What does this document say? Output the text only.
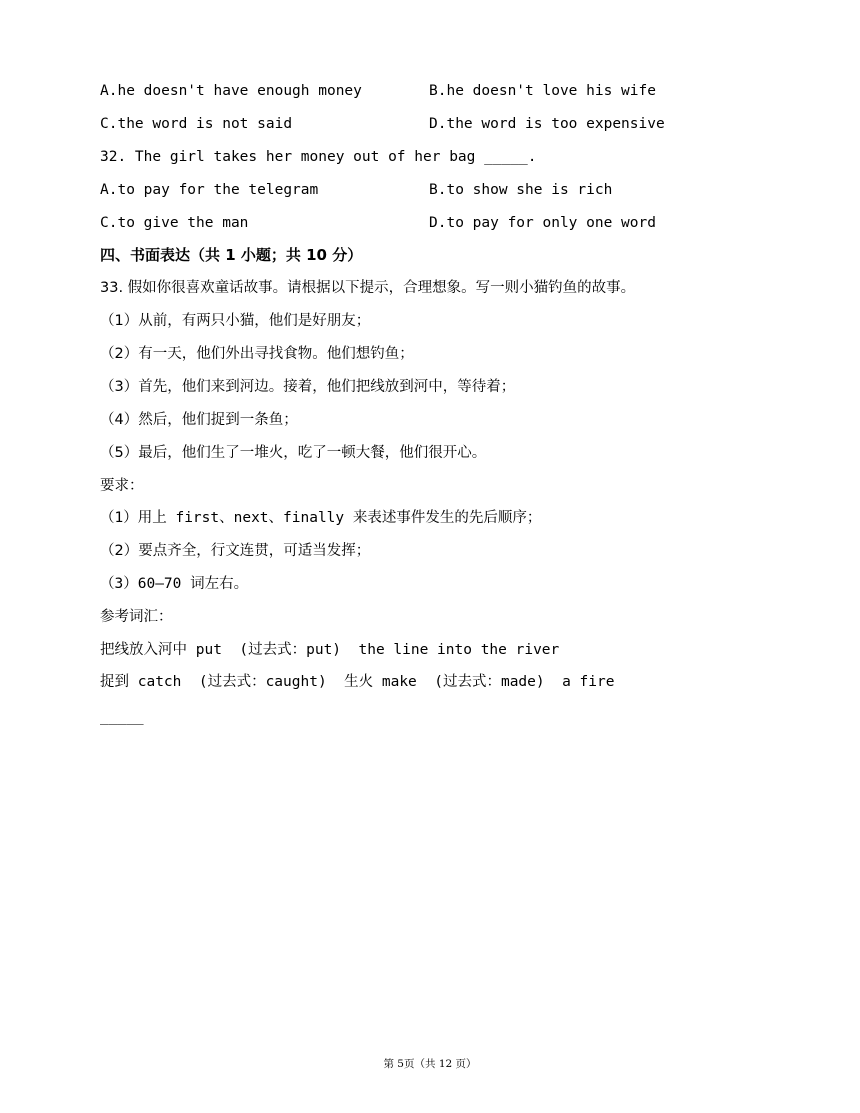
A.he doesn't have enough money

	B.he doesn't love his wife

C.the word is not said

	D.the word is too expensive

32. The girl takes her money out of her bag _____.

A.to pay for the telegram

	B.to show she is rich

C.to give the man

	D.to pay for only one word

四、书面表达（共 1 小题；共 10 分）
33. 假如你很喜欢童话故事。请根据以下提示，合理想象。写一则小猫钓鱼的故事。
（1）从前，有两只小猫，他们是好朋友；
（2）有一天，他们外出寻找食物。他们想钓鱼；
（3）首先，他们来到河边。接着，他们把线放到河中，等待着；
（4）然后，他们捉到一条鱼；
（5）最后，他们生了一堆火，吃了一顿大餐，他们很开心。
要求：
（1）用上 first、next、finally 来表述事件发生的先后顺序；
（2）要点齐全，行文连贯，可适当发挥；
（3）60—70 词左右。
参考词汇：
把线放入河中 put  (过去式：put)  the line into the river
捉到 catch  (过去式：caught)  生火 make  (过去式：made)  a fire
_____
第 5页（共 12 页）
